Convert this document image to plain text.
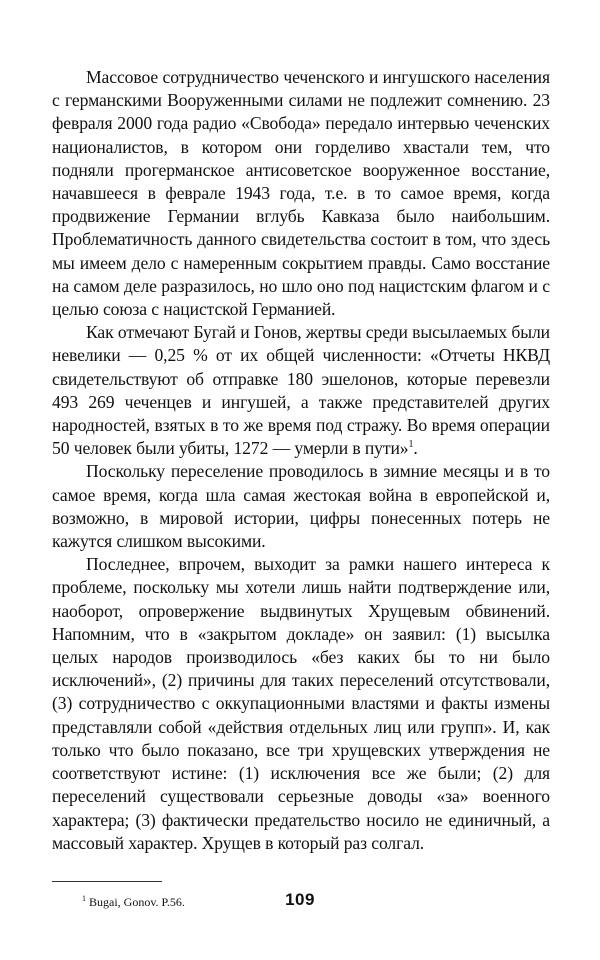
Массовое сотрудничество чеченского и ингушского населения с германскими Вооруженными силами не подлежит сомнению. 23 февраля 2000 года радио «Свобода» передало интервью чеченских националистов, в котором они горделиво хвастали тем, что подняли прогерманское антисоветское вооруженное восстание, начавшееся в феврале 1943 года, т.е. в то самое время, когда продвижение Германии вглубь Кавказа было наибольшим. Проблематичность данного свидетельства состоит в том, что здесь мы имеем дело с намеренным сокрытием правды. Само восстание на самом деле разразилось, но шло оно под нацистским флагом и с целью союза с нацистской Германией.

Как отмечают Бугай и Гонов, жертвы среди высылаемых были невелики — 0,25 % от их общей численности: «Отчеты НКВД свидетельствуют об отправке 180 эшелонов, которые перевезли 493 269 чеченцев и ингушей, а также представителей других народностей, взятых в то же время под стражу. Во время операции 50 человек были убиты, 1272 — умерли в пути»$^1$.

Поскольку переселение проводилось в зимние месяцы и в то самое время, когда шла самая жестокая война в европейской и, возможно, в мировой истории, цифры понесенных потерь не кажутся слишком высокими.

Последнее, впрочем, выходит за рамки нашего интереса к проблеме, поскольку мы хотели лишь найти подтверждение или, наоборот, опровержение выдвинутых Хрущевым обвинений. Напомним, что в «закрытом докладе» он заявил: (1) высылка целых народов производилось «без каких бы то ни было исключений», (2) причины для таких переселений отсутствовали, (3) сотрудничество с оккупационными властями и факты измены представляли собой «действия отдельных лиц или групп». И, как только что было показано, все три хрущевских утверждения не соответствуют истине: (1) исключения все же были; (2) для переселений существовали серьезные доводы «за» военного характера; (3) фактически предательство носило не единичный, а массовый характер. Хрущев в который раз солгал.

$^1$ Bugai, Gonov. P.56.	109
